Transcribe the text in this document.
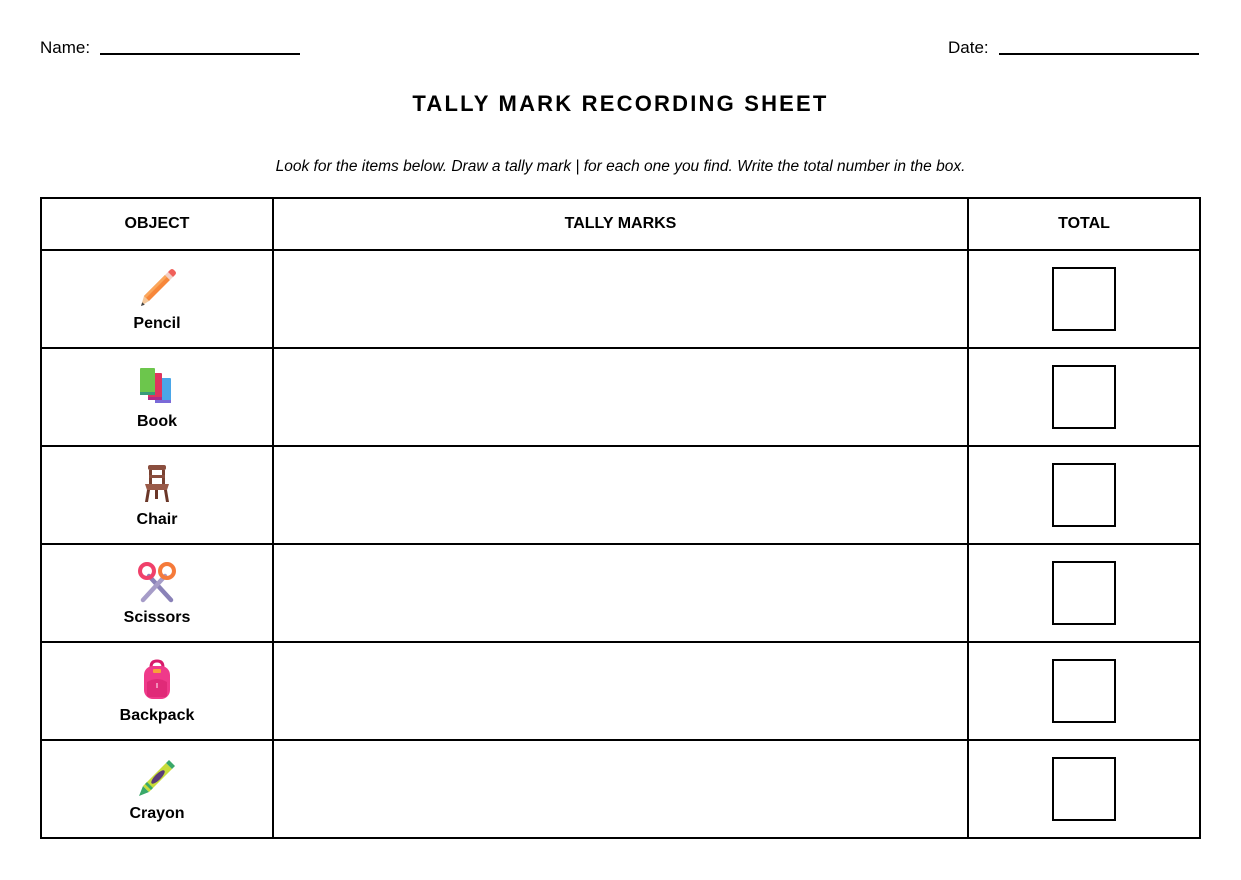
Name:	Date:
TALLY MARK RECORDING SHEET
Look for the items below. Draw a tally mark | for each one you find. Write the total number in the box.
OBJECT	TALLY MARKS	TOTAL

Pencil		

Book		

Chair		

Scissors		

Backpack		

Crayon		
